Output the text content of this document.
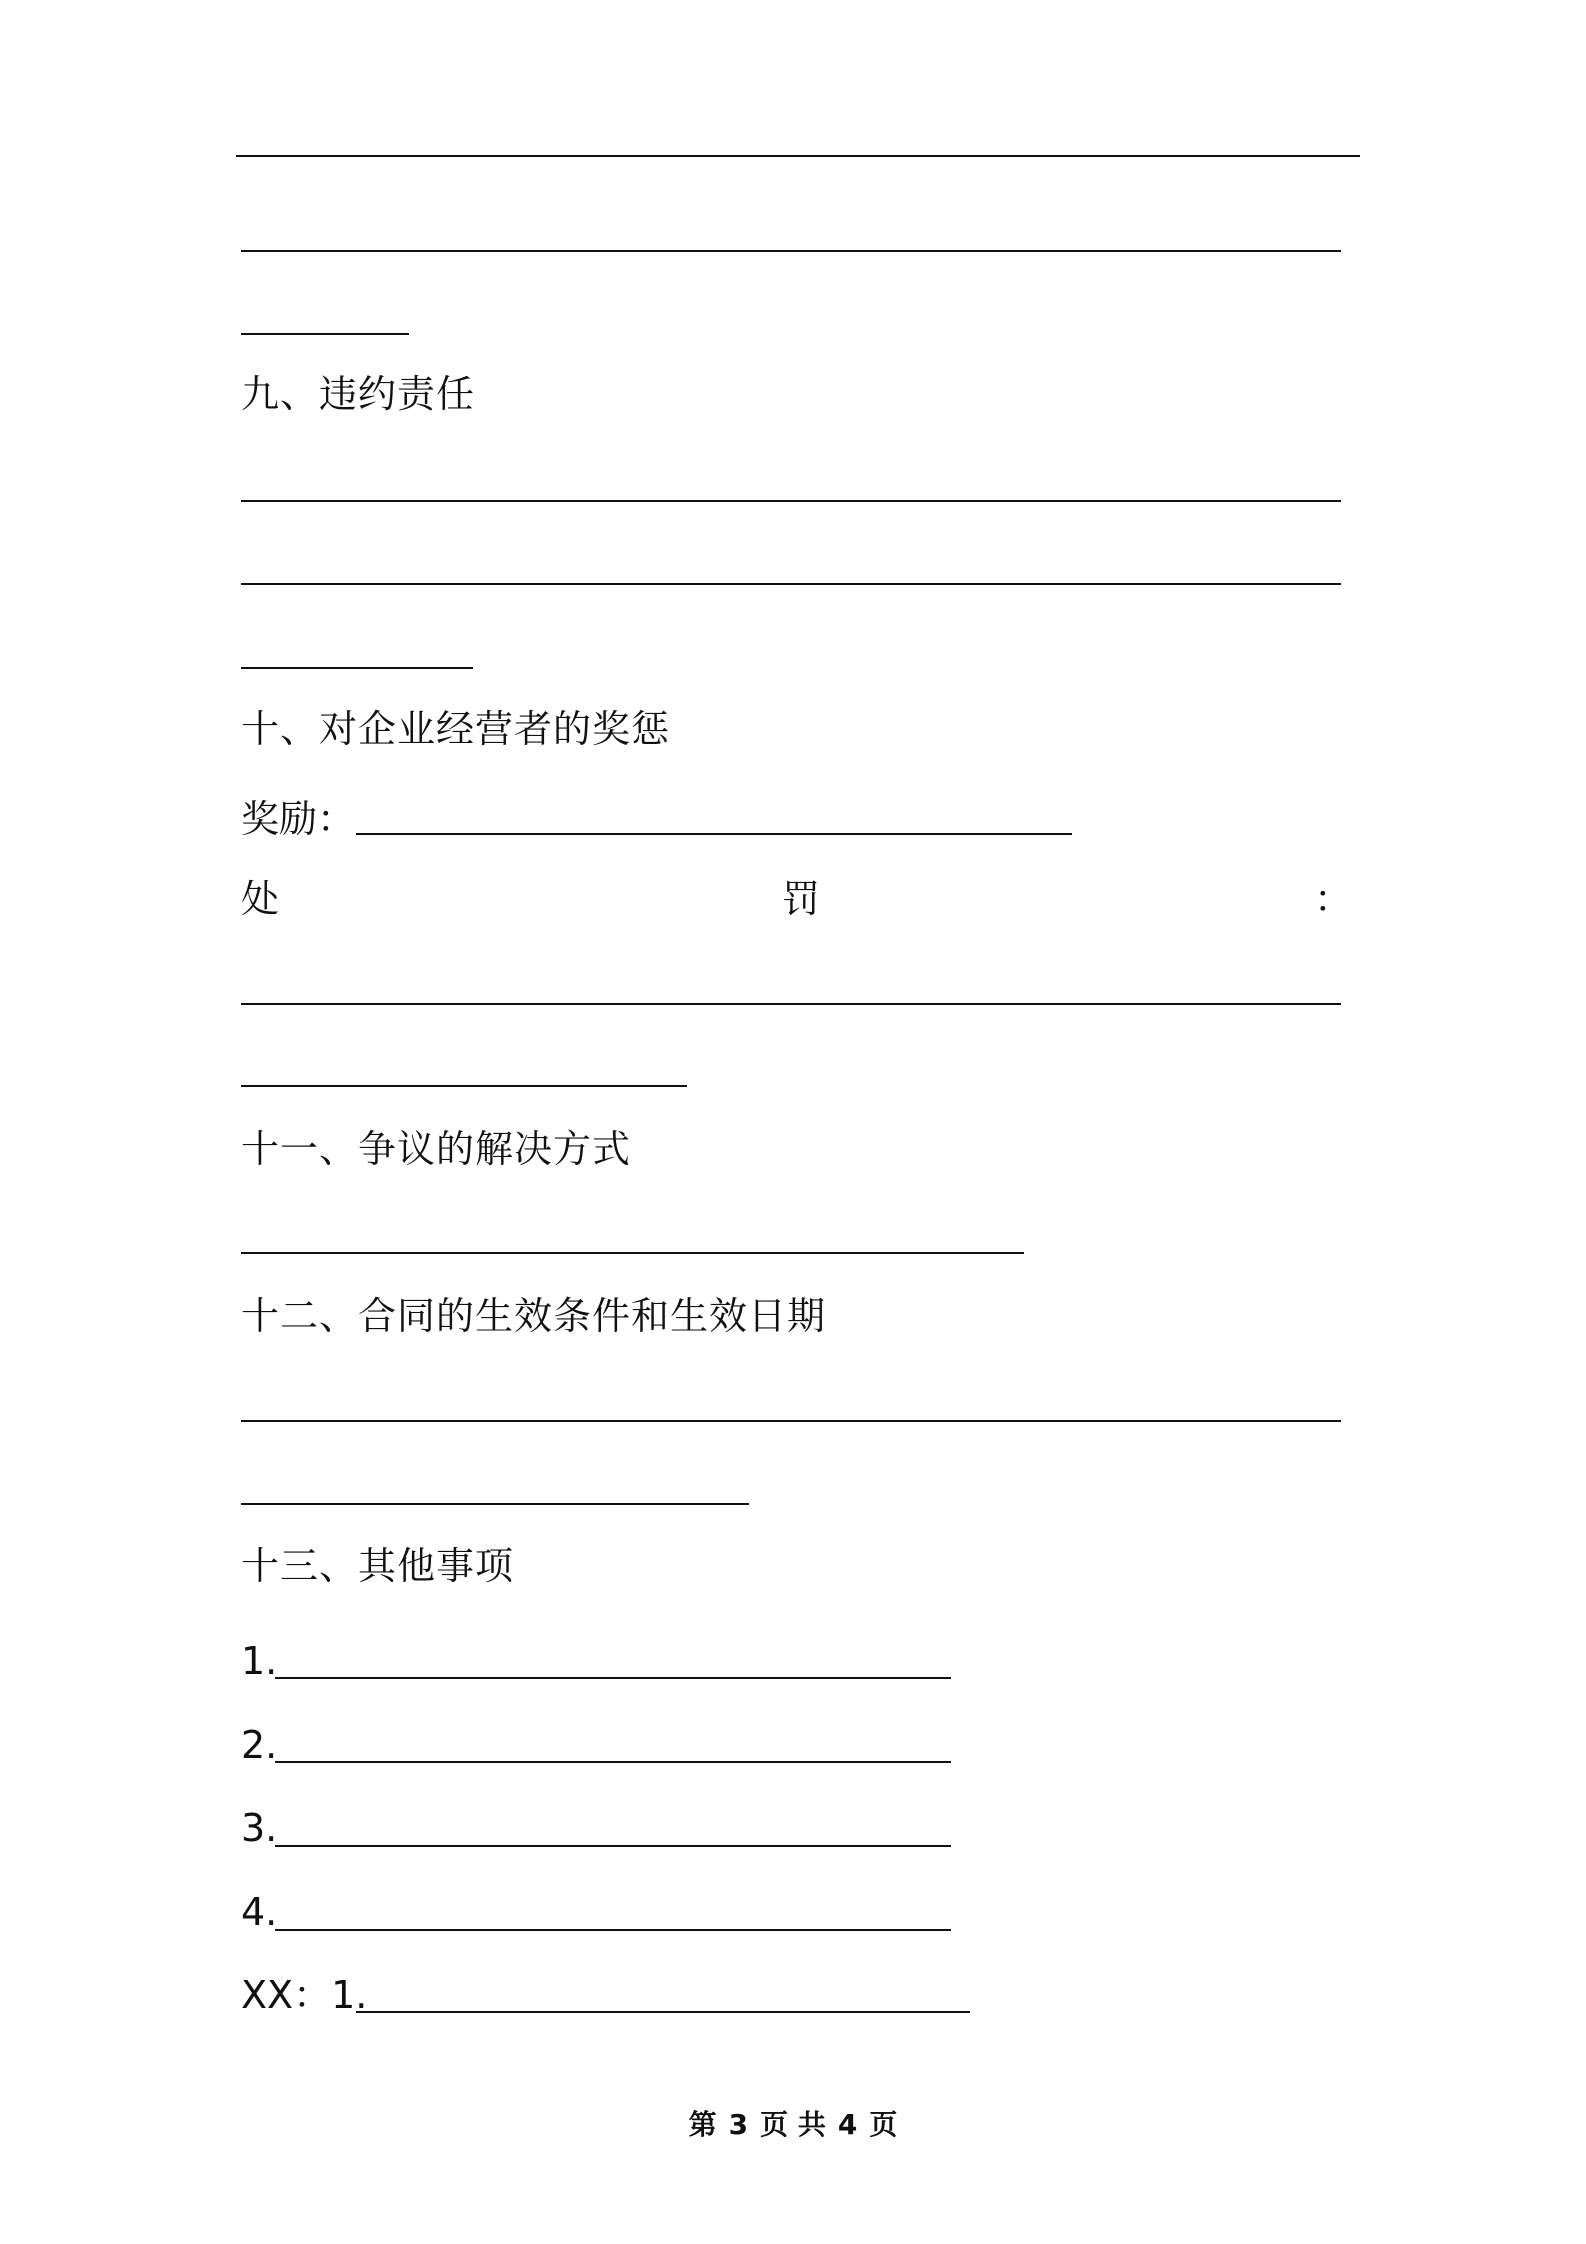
九、违约责任
十、对企业经营者的奖惩
奖励：
处	罚	：
十一、争议的解决方式
十二、合同的生效条件和生效日期
十三、其他事项
1.
2.
3.
4.
XX：1.
第 3 页 共 4 页
